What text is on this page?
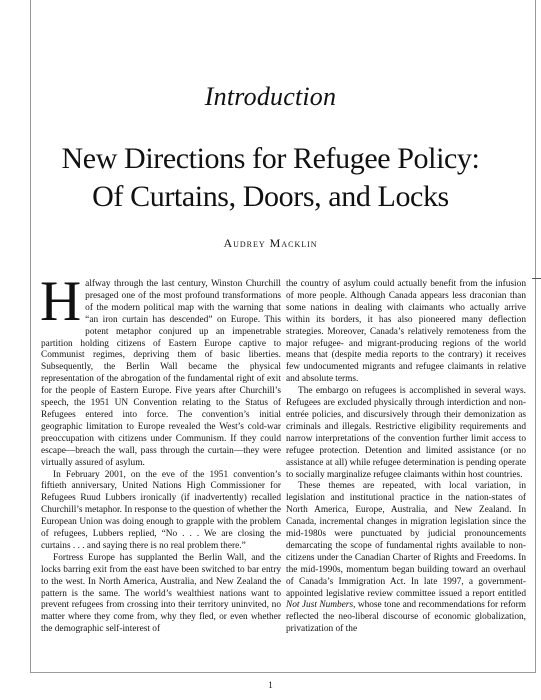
Introduction
New Directions for Refugee Policy:
Of Curtains, Doors, and Locks
Audrey Macklin

Halfway through the last century, Winston Churchill presaged one of the most profound transformations of the modern political map with the warning that “an iron curtain has descended” on Europe. This potent metaphor conjured up an impenetrable partition holding citizens of Eastern Europe captive to Communist regimes, depriving them of basic liberties. Subsequently, the Berlin Wall became the physical representation of the abrogation of the fundamental right of exit for the people of Eastern Europe. Five years after Churchill’s speech, the 1951 UN Convention relating to the Status of Refugees entered into force. The convention’s initial geographic limitation to Europe revealed the West’s cold-war preoccupation with citizens under Communism. If they could escape—breach the wall, pass through the curtain—they were virtually assured of asylum.

In February 2001, on the eve of the 1951 convention’s fiftieth anniversary, United Nations High Commissioner for Refugees Ruud Lubbers ironically (if inadvertently) recalled Churchill’s metaphor. In response to the question of whether the European Union was doing enough to grapple with the problem of refugees, Lubbers replied, “No . . . We are closing the curtains . . . and saying there is no real problem there.”

Fortress Europe has supplanted the Berlin Wall, and the locks barring exit from the east have been switched to bar entry to the west. In North America, Australia, and New Zealand the pattern is the same. The world’s wealthiest nations want to prevent refugees from crossing into their territory uninvited, no matter where they come from, why they fled, or even whether the demographic self-interest of

the country of asylum could actually benefit from the infusion of more people. Although Canada appears less draconian than some nations in dealing with claimants who actually arrive within its borders, it has also pioneered many deflection strategies. Moreover, Canada’s relatively remoteness from the major refugee- and migrant-producing regions of the world means that (despite media reports to the contrary) it receives few undocumented migrants and refugee claimants in relative and absolute terms.

The embargo on refugees is accomplished in several ways. Refugees are excluded physically through interdiction and non-entrée policies, and discursively through their demonization as criminals and illegals. Restrictive eligibility requirements and narrow interpretations of the convention further limit access to refugee protection. Detention and limited assistance (or no assistance at all) while refugee determination is pending operate to socially marginalize refugee claimants within host countries.

These themes are repeated, with local variation, in legislation and institutional practice in the nation-states of North America, Europe, Australia, and New Zealand. In Canada, incremental changes in migration legislation since the mid-1980s were punctuated by judicial pronouncements demarcating the scope of fundamental rights available to non-citizens under the Canadian Charter of Rights and Freedoms. In the mid-1990s, momentum began building toward an overhaul of Canada’s Immigration Act. In late 1997, a government-appointed legislative review committee issued a report entitled Not Just Numbers, whose tone and recommendations for reform reflected the neo-liberal discourse of economic globalization, privatization of the

1
